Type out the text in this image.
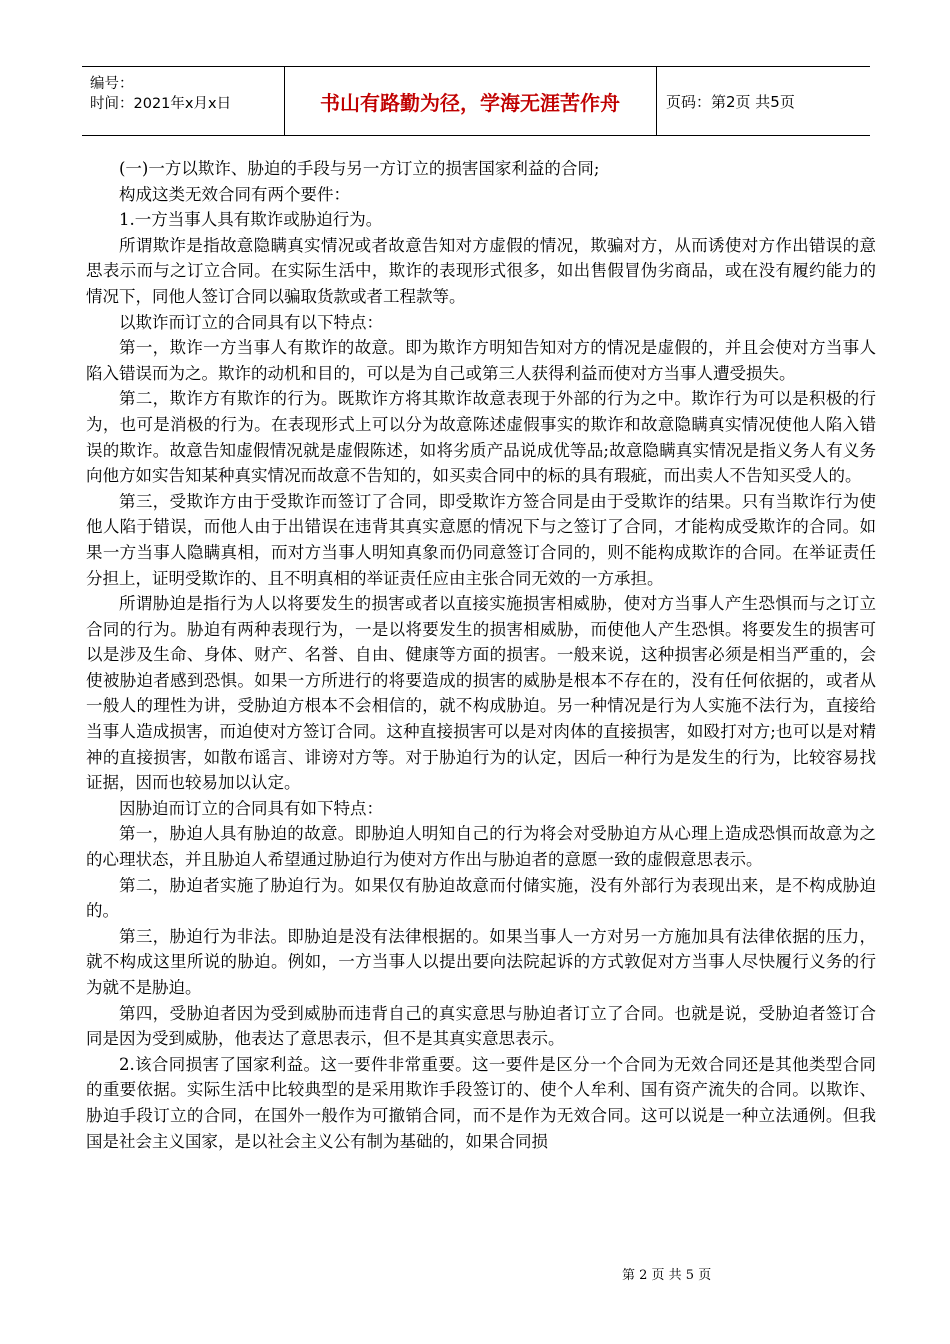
编号：
时间：2021年x月x日	书山有路勤为径，学海无涯苦作舟	页码：第2页 共5页

(一)一方以欺诈、胁迫的手段与另一方订立的损害国家利益的合同;

构成这类无效合同有两个要件：

1.一方当事人具有欺诈或胁迫行为。

所谓欺诈是指故意隐瞒真实情况或者故意告知对方虚假的情况，欺骗对方，从而诱使对方作出错误的意思表示而与之订立合同。在实际生活中，欺诈的表现形式很多，如出售假冒伪劣商品，或在没有履约能力的情况下，同他人签订合同以骗取货款或者工程款等。

以欺诈而订立的合同具有以下特点：

第一，欺诈一方当事人有欺诈的故意。即为欺诈方明知告知对方的情况是虚假的，并且会使对方当事人陷入错误而为之。欺诈的动机和目的，可以是为自己或第三人获得利益而使对方当事人遭受损失。

第二，欺诈方有欺诈的行为。既欺诈方将其欺诈故意表现于外部的行为之中。欺诈行为可以是积极的行为，也可是消极的行为。在表现形式上可以分为故意陈述虚假事实的欺诈和故意隐瞒真实情况使他人陷入错误的欺诈。故意告知虚假情况就是虚假陈述，如将劣质产品说成优等品;故意隐瞒真实情况是指义务人有义务向他方如实告知某种真实情况而故意不告知的，如买卖合同中的标的具有瑕疵，而出卖人不告知买受人的。

第三，受欺诈方由于受欺诈而签订了合同，即受欺诈方签合同是由于受欺诈的结果。只有当欺诈行为使他人陷于错误，而他人由于出错误在违背其真实意愿的情况下与之签订了合同，才能构成受欺诈的合同。如果一方当事人隐瞒真相，而对方当事人明知真象而仍同意签订合同的，则不能构成欺诈的合同。在举证责任分担上，证明受欺诈的、且不明真相的举证责任应由主张合同无效的一方承担。

所谓胁迫是指行为人以将要发生的损害或者以直接实施损害相威胁，使对方当事人产生恐惧而与之订立合同的行为。胁迫有两种表现行为，一是以将要发生的损害相威胁，而使他人产生恐惧。将要发生的损害可以是涉及生命、身体、财产、名誉、自由、健康等方面的损害。一般来说，这种损害必须是相当严重的，会使被胁迫者感到恐惧。如果一方所进行的将要造成的损害的威胁是根本不存在的，没有任何依据的，或者从一般人的理性为讲，受胁迫方根本不会相信的，就不构成胁迫。另一种情况是行为人实施不法行为，直接给当事人造成损害，而迫使对方签订合同。这种直接损害可以是对肉体的直接损害，如殴打对方;也可以是对精神的直接损害，如散布谣言、诽谤对方等。对于胁迫行为的认定，因后一种行为是发生的行为，比较容易找证据，因而也较易加以认定。

因胁迫而订立的合同具有如下特点：

第一，胁迫人具有胁迫的故意。即胁迫人明知自己的行为将会对受胁迫方从心理上造成恐惧而故意为之的心理状态，并且胁迫人希望通过胁迫行为使对方作出与胁迫者的意愿一致的虚假意思表示。

第二，胁迫者实施了胁迫行为。如果仅有胁迫故意而付储实施，没有外部行为表现出来，是不构成胁迫的。

第三，胁迫行为非法。即胁迫是没有法律根据的。如果当事人一方对另一方施加具有法律依据的压力，就不构成这里所说的胁迫。例如，一方当事人以提出要向法院起诉的方式敦促对方当事人尽快履行义务的行为就不是胁迫。

第四，受胁迫者因为受到威胁而违背自己的真实意思与胁迫者订立了合同。也就是说，受胁迫者签订合同是因为受到威胁，他表达了意思表示，但不是其真实意思表示。

2.该合同损害了国家利益。这一要件非常重要。这一要件是区分一个合同为无效合同还是其他类型合同的重要依据。实际生活中比较典型的是采用欺诈手段签订的、使个人牟利、国有资产流失的合同。以欺诈、胁迫手段订立的合同，在国外一般作为可撤销合同，而不是作为无效合同。这可以说是一种立法通例。但我国是社会主义国家，是以社会主义公有制为基础的，如果合同损

第 2 页 共 5 页
